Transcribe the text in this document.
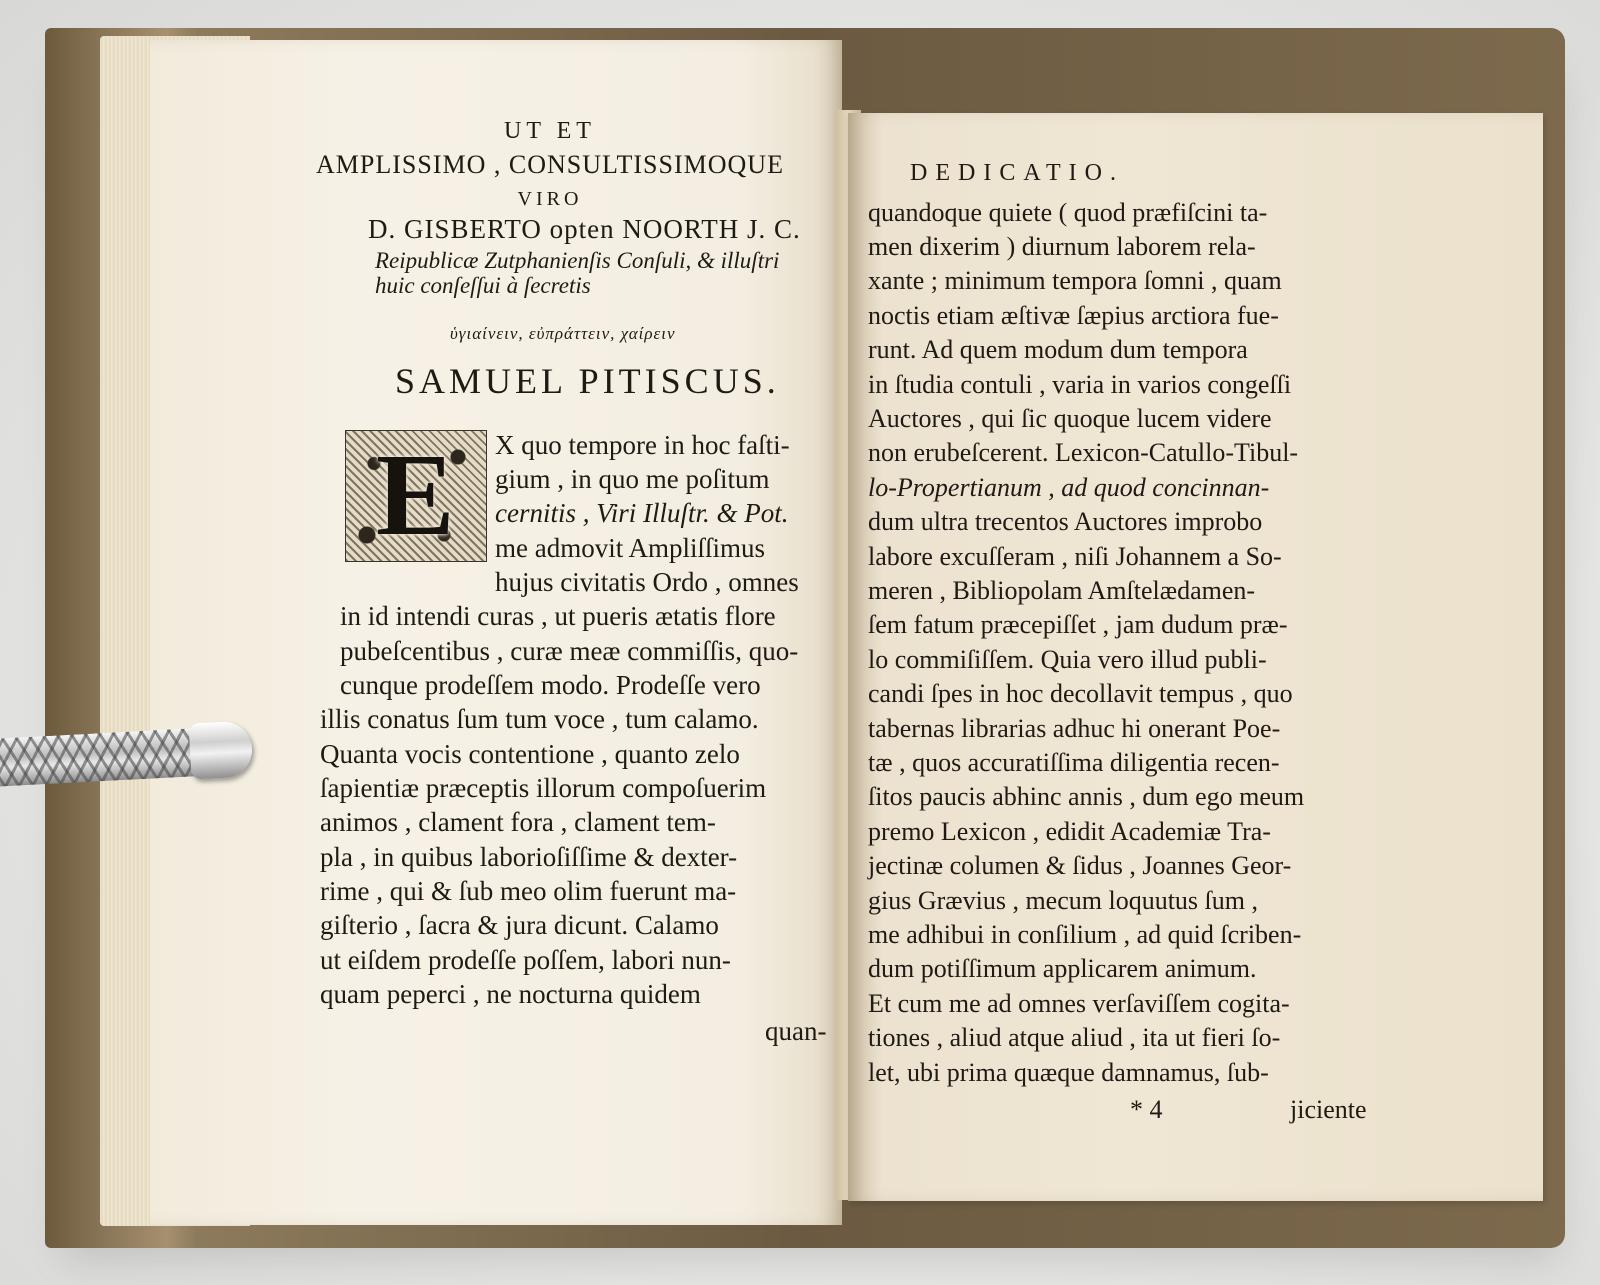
UT ET
AMPLISSIMO , CONSULTISSIMOQUE
VIRO
D. GISBERTO opten NOORTH J. C.
Reipublicæ Zutphanienſis Conſuli, & illuſtri
huic conſeſſui à ſecretis
ὑγιαίνειν, εὐπράττειν, χαίρειν
SAMUEL PITISCUS.
E X quo tempore in hoc faſti-
gium , in quo me poſitum
cernitis , Viri Illuſtr. & Pot.
me admovit Ampliſſimus
hujus civitatis Ordo , omnes
in id intendi curas , ut pueris ætatis flore
pubeſcentibus , curæ meæ commiſſis, quo-
cunque prodeſſem modo. Prodeſſe vero
illis conatus ſum tum voce , tum calamo.
Quanta vocis contentione , quanto zelo
ſapientiæ præceptis illorum compoſuerim
animos , clament fora , clament tem-
pla , in quibus laborioſiſſime & dexter-
rime , qui & ſub meo olim fuerunt ma-
giſterio , ſacra & jura dicunt. Calamo
ut eiſdem prodeſſe poſſem, labori nun-
quam peperci , ne nocturna quidem
quan-
DEDICATIO.
quandoque quiete ( quod præfiſcini ta-
men dixerim ) diurnum laborem rela-
xante ; minimum tempora ſomni , quam
noctis etiam æſtivæ ſæpius arctiora fue-
runt. Ad quem modum dum tempora
in ſtudia contuli , varia in varios congeſſi
Auctores , qui ſic quoque lucem videre
non erubeſcerent. Lexicon-Catullo-Tibul-
lo-Propertianum , ad quod concinnan-
dum ultra trecentos Auctores improbo
labore excuſſeram , niſi Johannem a So-
meren , Bibliopolam Amſtelædamen-
ſem fatum præcepiſſet , jam dudum præ-
lo commiſiſſem. Quia vero illud publi-
candi ſpes in hoc decollavit tempus , quo
tabernas librarias adhuc hi onerant Poe-
tæ , quos accuratiſſima diligentia recen-
ſitos paucis abhinc annis , dum ego meum
premo Lexicon , edidit Academiæ Tra-
jectinæ columen & ſidus , Joannes Geor-
gius Grævius , mecum loquutus ſum ,
me adhibui in conſilium , ad quid ſcriben-
dum potiſſimum applicarem animum.
Et cum me ad omnes verſaviſſem cogita-
tiones , aliud atque aliud , ita ut fieri ſo-
let, ubi prima quæque damnamus, ſub-
* 4	jiciente
